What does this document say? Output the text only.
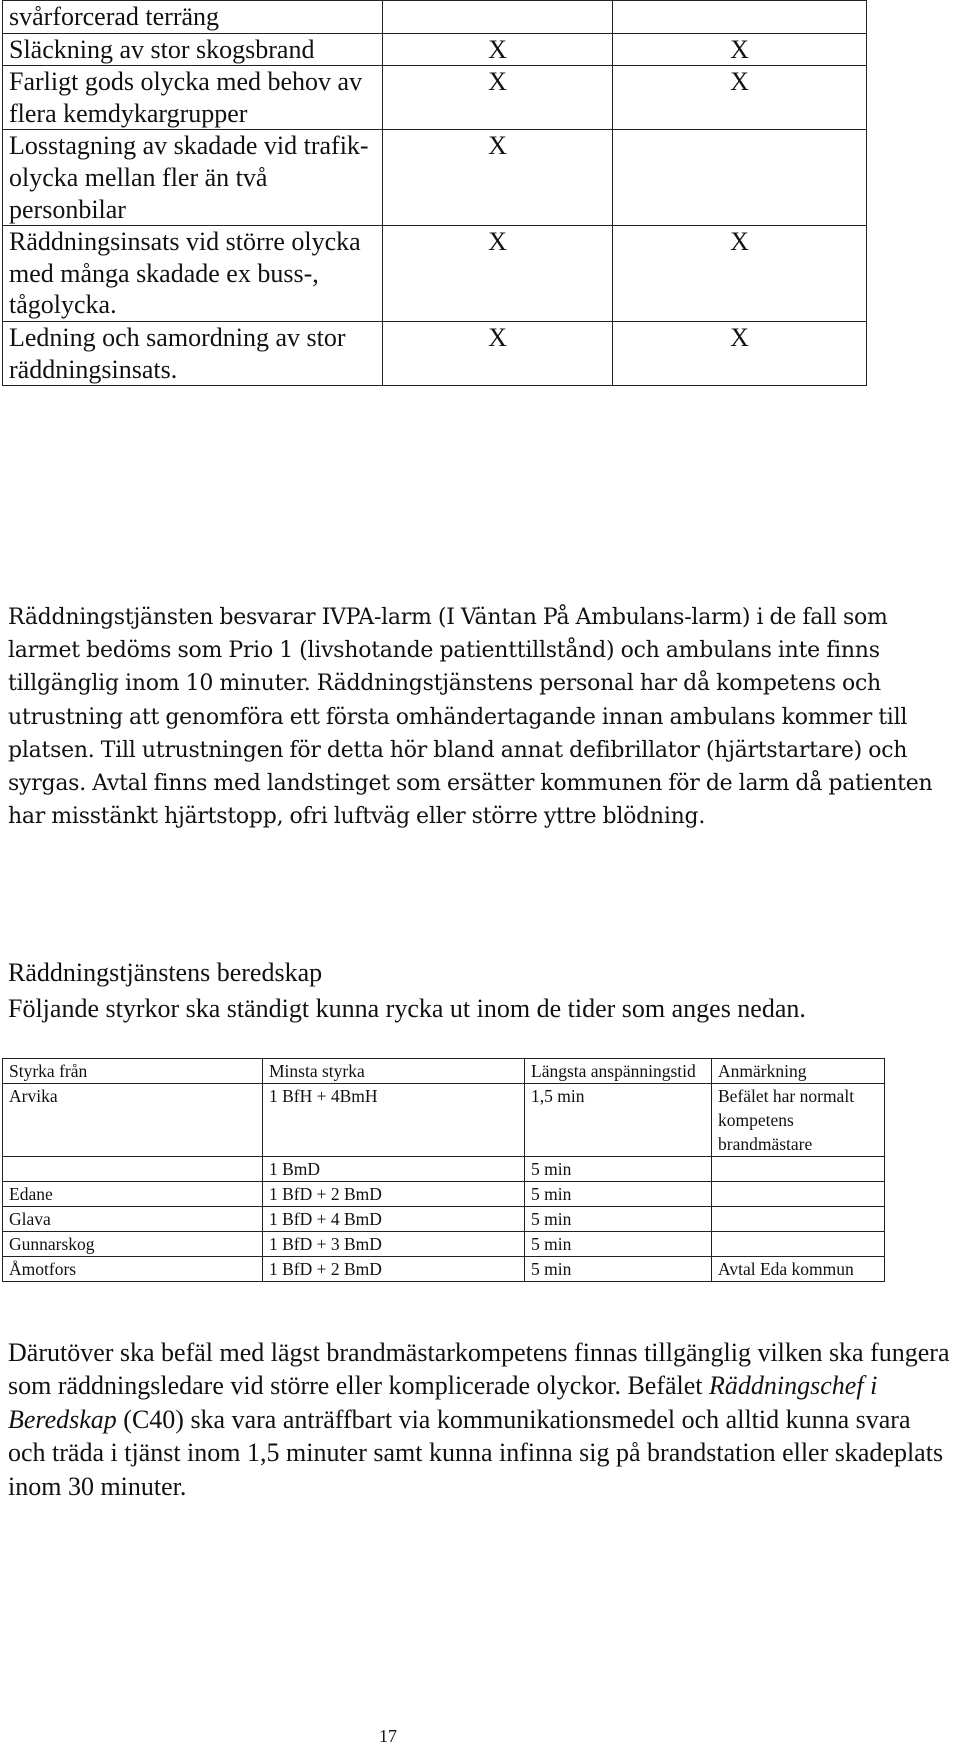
svårforcerad terräng		
Släckning av stor skogsbrand	X	X
Farligt gods olycka med behov av flera kemdykargrupper	X	X
Losstagning av skadade vid trafik-olycka mellan fler än två personbilar	X	
Räddningsinsats vid större olycka med många skadade ex buss-, tågolycka.	X	X
Ledning och samordning av stor räddningsinsats.	X	X

Räddningstjänsten besvarar IVPA-larm (I Väntan På Ambulans-larm) i de fall som larmet bedöms som Prio 1 (livshotande patienttillstånd) och ambulans inte finns tillgänglig inom 10 minuter. Räddningstjänstens personal har då kompetens och utrustning att genomföra ett första omhändertagande innan ambulans kommer till platsen. Till utrustningen för detta hör bland annat defibrillator (hjärtstartare) och syrgas. Avtal finns med landstinget som ersätter kommunen för de larm då patienten har misstänkt hjärtstopp, ofri luftväg eller större yttre blödning.

Räddningstjänstens beredskap

Följande styrkor ska ständigt kunna rycka ut inom de tider som anges nedan.

Styrka från	Minsta styrka	Längsta anspänningstid	Anmärkning
Arvika	1 BfH + 4BmH	1,5 min	Befälet har normalt kompetens brandmästare
	1 BmD	5 min	
Edane	1 BfD + 2 BmD	5 min	
Glava	1 BfD + 4 BmD	5 min	
Gunnarskog	1 BfD + 3 BmD	5 min	
Åmotfors	1 BfD + 2 BmD	5 min	Avtal Eda kommun

Därutöver ska befäl med lägst brandmästarkompetens finnas tillgänglig vilken ska fungera som räddningsledare vid större eller komplicerade olyckor. Befälet Räddningschef i Beredskap (C40) ska vara anträffbart via kommunikationsmedel och alltid kunna svara och träda i tjänst inom 1,5 minuter samt kunna infinna sig på brandstation eller skadeplats inom 30 minuter.

17
